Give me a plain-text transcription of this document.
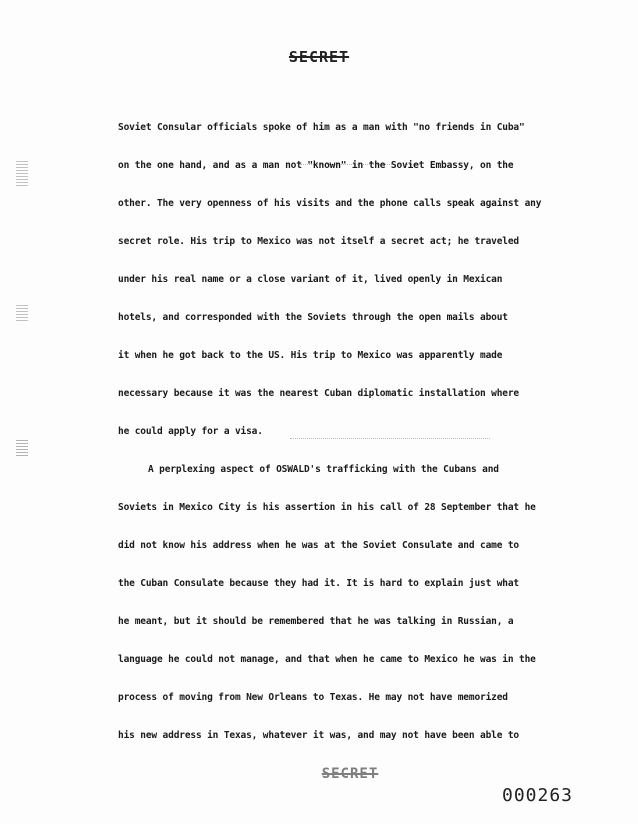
SECRET
Soviet Consular officials spoke of him as a man with "no friends in Cuba"
on the one hand, and as a man not "known" in the Soviet Embassy, on the
other. The very openness of his visits and the phone calls speak against any
secret role. His trip to Mexico was not itself a secret act; he traveled
under his real name or a close variant of it, lived openly in Mexican
hotels, and corresponded with the Soviets through the open mails about
it when he got back to the US. His trip to Mexico was apparently made
necessary because it was the nearest Cuban diplomatic installation where
he could apply for a visa.
A perplexing aspect of OSWALD's trafficking with the Cubans and
Soviets in Mexico City is his assertion in his call of 28 September that he
did not know his address when he was at the Soviet Consulate and came to
the Cuban Consulate because they had it. It is hard to explain just what
he meant, but it should be remembered that he was talking in Russian, a
language he could not manage, and that when he came to Mexico he was in the
process of moving from New Orleans to Texas. He may not have memorized
his new address in Texas, whatever it was, and may not have been able to
SECRET
000263
